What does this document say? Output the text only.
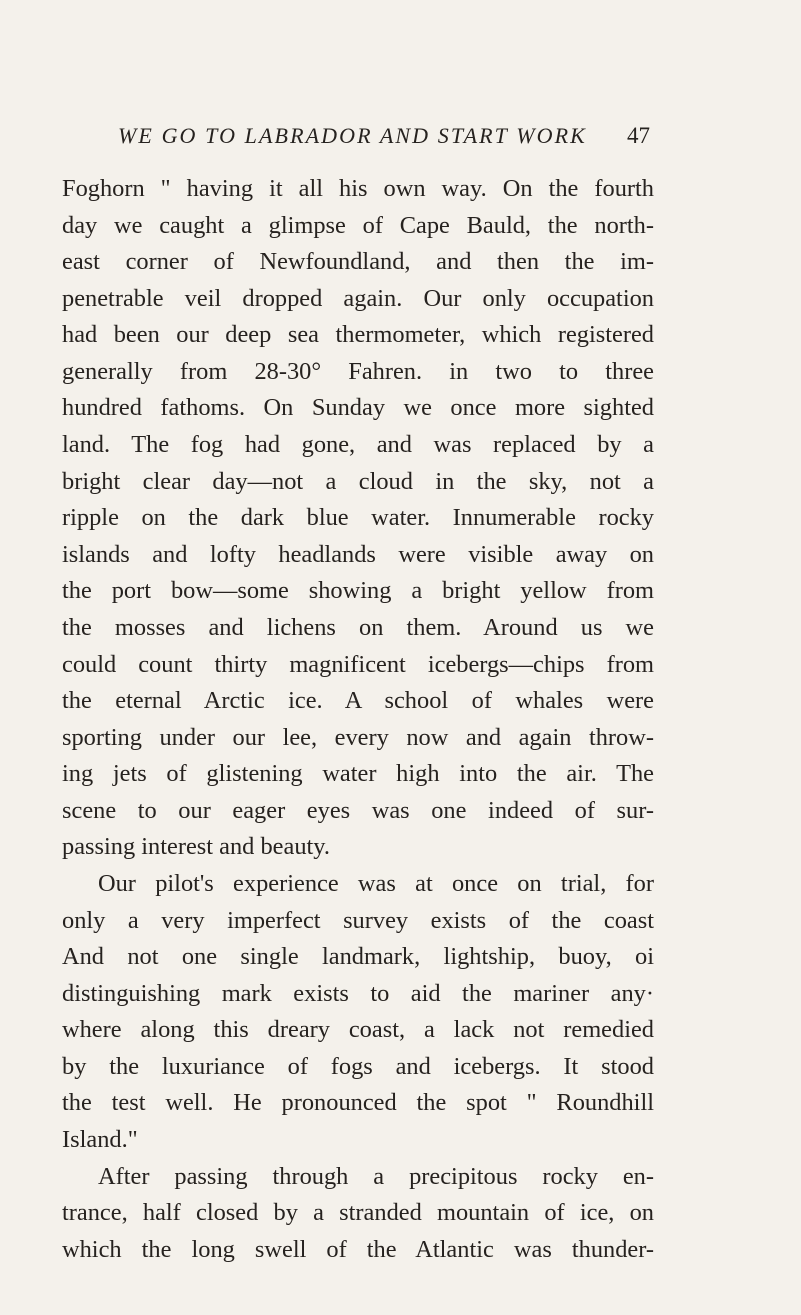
WE GO TO LABRADOR AND START WORK 47
Foghorn " having it all his own way. On the fourth
day we caught a glimpse of Cape Bauld, the north-
east corner of Newfoundland, and then the im-
penetrable veil dropped again. Our only occupation
had been our deep sea thermometer, which registered
generally from 28-30° Fahren. in two to three
hundred fathoms. On Sunday we once more sighted
land. The fog had gone, and was replaced by a
bright clear day—not a cloud in the sky, not a
ripple on the dark blue water. Innumerable rocky
islands and lofty headlands were visible away on
the port bow—some showing a bright yellow from
the mosses and lichens on them. Around us we
could count thirty magnificent icebergs—chips from
the eternal Arctic ice. A school of whales were
sporting under our lee, every now and again throw-
ing jets of glistening water high into the air. The
scene to our eager eyes was one indeed of sur-
passing interest and beauty.
Our pilot's experience was at once on trial, for
only a very imperfect survey exists of the coast
And not one single landmark, lightship, buoy, oi
distinguishing mark exists to aid the mariner any·
where along this dreary coast, a lack not remedied
by the luxuriance of fogs and icebergs. It stood
the test well. He pronounced the spot " Roundhill
Island."
After passing through a precipitous rocky en-
trance, half closed by a stranded mountain of ice, on
which the long swell of the Atlantic was thunder-
